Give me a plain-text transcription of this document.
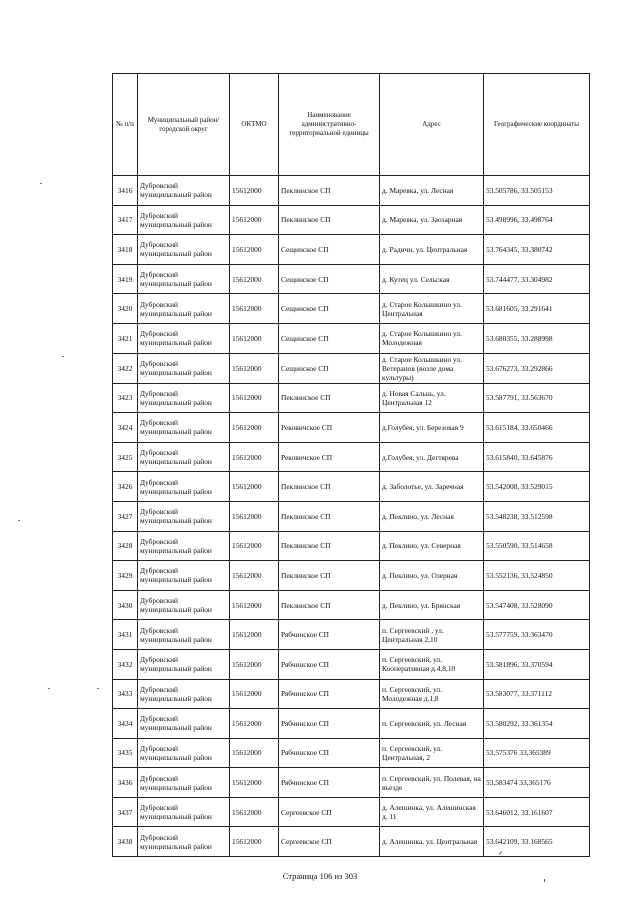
№ п/п	Муниципальный район/городской округ	ОКТМО	Наименование административно-территориальной единицы	Адрес	Географические координаты
3416	Дубровский муниципальный район	15612000	Пеклинское СП	д. Маревка, ул. Лесная	53.505786, 33.505153
3417	Дубровский муниципальный район	15612000	Пеклинское СП	д. Маревка, ул. Заозарная	53.498996, 33.498764
3418	Дубровский муниципальный район	15612000	Сещинское СП	д. Радичи, ул. Центральная	53.764345, 33.380742
3419	Дубровский муниципальный район	15612000	Сещинское СП	д. Кутец ул. Сельская	53.744477, 33.304982
3420	Дубровский муниципальный район	15612000	Сещинское СП	д. Старое Колышкино ул. Центральная	53.681605, 33.291641
3421	Дубровский муниципальный район	15612000	Сещинское СП	д. Старое Колышкино ул. Молодежная	53.680355, 33.288998
3422	Дубровский муниципальный район	15612000	Сещинское СП	д. Старое Колышкино ул. Ветеранов (возле дома культуры)	53.676273, 33.292866
3423	Дубровский муниципальный район	15612000	Пеклинское СП	д. Новая Сальнь, ул. Центральная 12	53.587791, 33.563670
3424	Дубровский муниципальный район	15612000	Рековичское СП	д.Голубея, ул. Березовая 9	53.615184, 33.650466
3425	Дубровский муниципальный район	15612000	Рековичское СП	д.Голубея, ул. Дегтярева	53.615840, 33.645876
3426	Дубровский муниципальный район	15612000	Пеклинское СП	д. Заболотье, ул. Заречная	53.542008, 33.529015
3427	Дубровский муниципальный район	15612000	Пеклинское СП	д. Пеклино, ул. Лесная	53.548238, 33.512598
3428	Дубровский муниципальный район	15612000	Пеклинское СП	д. Пеклино, ул. Северная	53.550590, 33.514658
3429	Дубровский муниципальный район	15612000	Пеклинское СП	д. Пеклино, ул. Озерная	53.552136, 33.524850
3430	Дубровский муниципальный район	15612000	Пеклинское СП	д. Пеклино, ул. Брянская	53.547408, 33.528090
3431	Дубровский муниципальный район	15612000	Рябчинское СП	п. Сергеевский , ул. Центральная 2,10	53.577759, 33.363470
3432	Дубровский муниципальный район	15612000	Рябчинское СП	п. Сергеевский, ул. Кооперативная д.4,8,10	53.581896, 33.370594
3433	Дубровский муниципальный район	15612000	Рябчинское СП	п. Сергеевский, ул. Молодежная д.1,8	53.583077, 33.371112
3434	Дубровский муниципальный район	15612000	Рябчинское СП	п. Сергеевский, ул. Лесная	53.580292, 33.361354
3435	Дубровский муниципальный район	15612000	Рябчинское СП	п. Сергеевский, ул. Центральная, 2	53,575376 33,365389
3436	Дубровский муниципальный район	15612000	Рябчинское СП	п. Сергеевский, ул. Полевая, на въезде	53,583474 33,365176
3437	Дубровский муниципальный район	15612000	Сергеевское СП	д. Алешинка, ул. Алешинская д. 11	53.646012, 33.161607
3438	Дубровский муниципальный район	15612000	Сергеевское СП	д. Алешинка, ул. Центральная	53.642109, 33.168565
Страница 106 из 303
